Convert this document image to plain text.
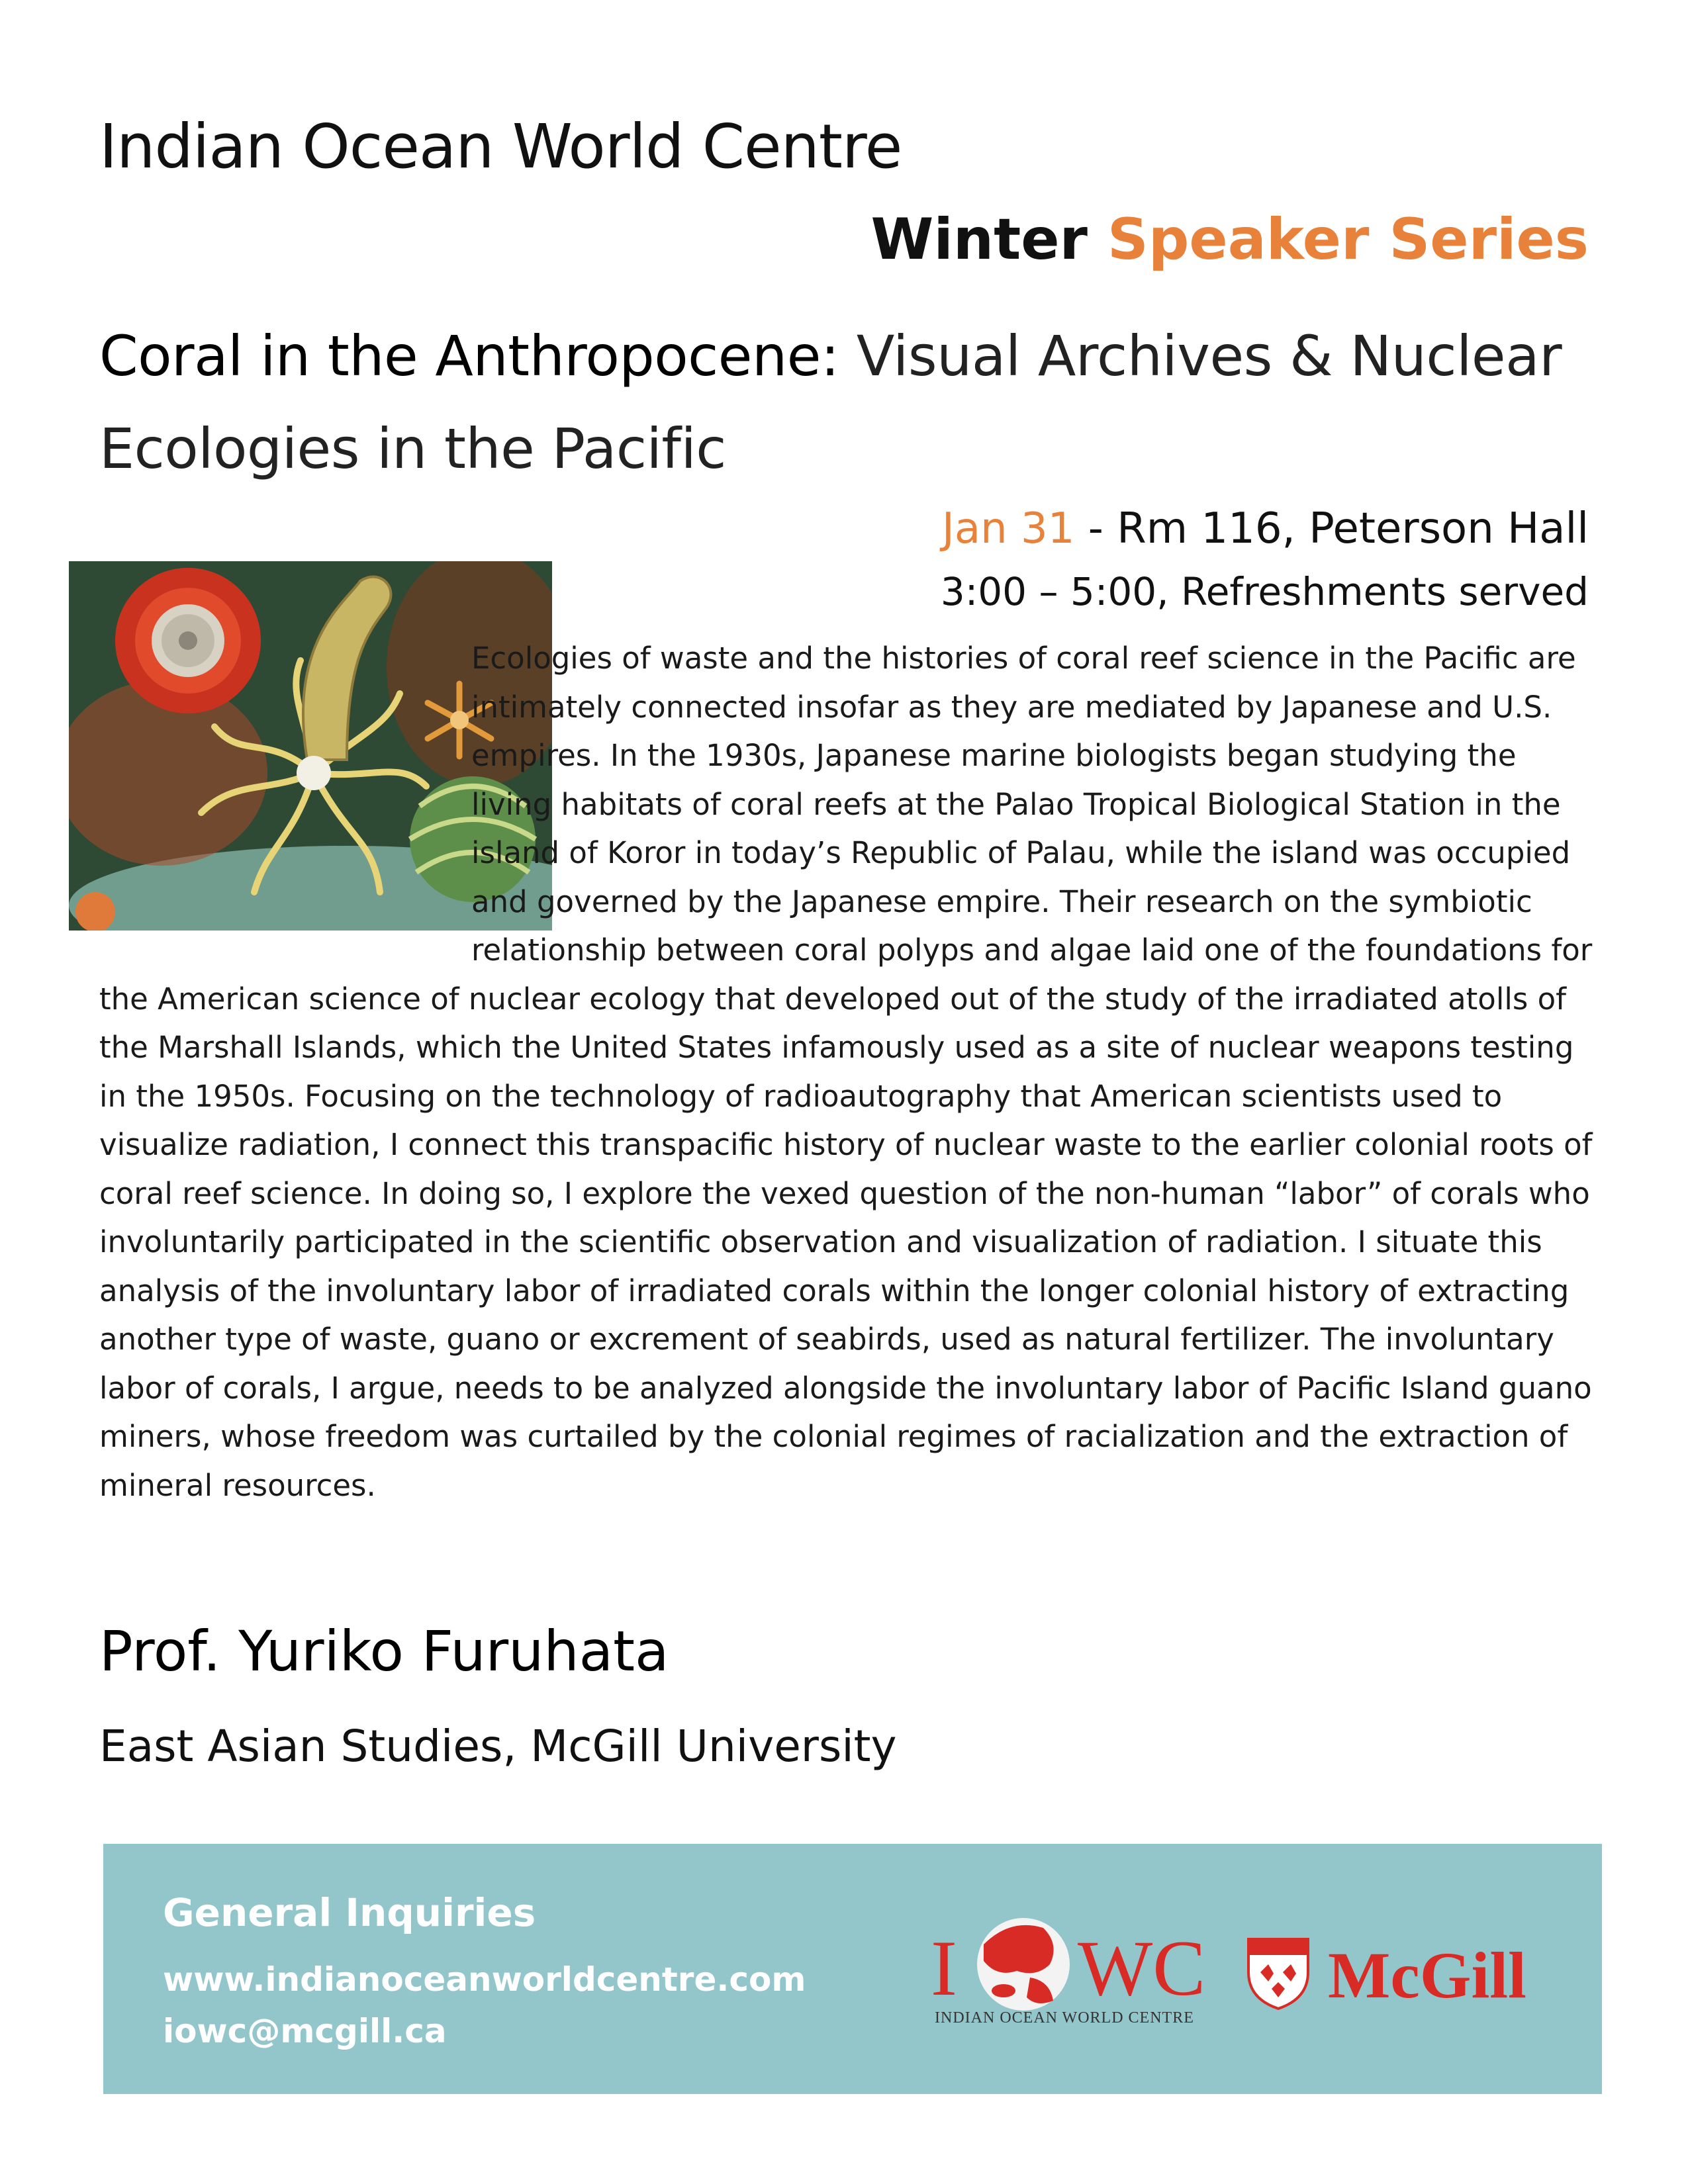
Indian Ocean World Centre
Winter Speaker Series
Coral in the Anthropocene: Visual Archives & Nuclear Ecologies in the Pacific

Jan 31 - Rm 116, Peterson Hall

3:00 – 5:00, Refreshments served

Ecologies of waste and the histories of coral reef science in the Pacific are intimately connected insofar as they are mediated by Japanese and U.S. empires. In the 1930s, Japanese marine biologists began studying the living habitats of coral reefs at the Palao Tropical Biological Station in the island of Koror in today’s Republic of Palau, while the island was occupied and governed by the Japanese empire. Their research on the symbiotic relationship between coral polyps and algae laid one of the foundations for the American science of nuclear ecology that developed out of the study of the irradiated atolls of the Marshall Islands, which the United States infamously used as a site of nuclear weapons testing in the 1950s. Focusing on the technology of radioautography that American scientists used to visualize radiation, I connect this transpacific history of nuclear waste to the earlier colonial roots of coral reef science. In doing so, I explore the vexed question of the non-human “labor” of corals who involuntarily participated in the scientific observation and visualization of radiation. I situate this analysis of the involuntary labor of irradiated corals within the longer colonial history of extracting another type of waste, guano or excrement of seabirds, used as natural fertilizer. The involuntary labor of corals, I argue, needs to be analyzed alongside the involuntary labor of Pacific Island guano miners, whose freedom was curtailed by the colonial regimes of racialization and the extraction of mineral resources.

Prof. Yuriko Furuhata

East Asian Studies, McGill University

General Inquiries

www.indianoceanworldcentre.com

iowc@mcgill.ca

I WC
INDIAN OCEAN WORLD CENTRE
McGill
